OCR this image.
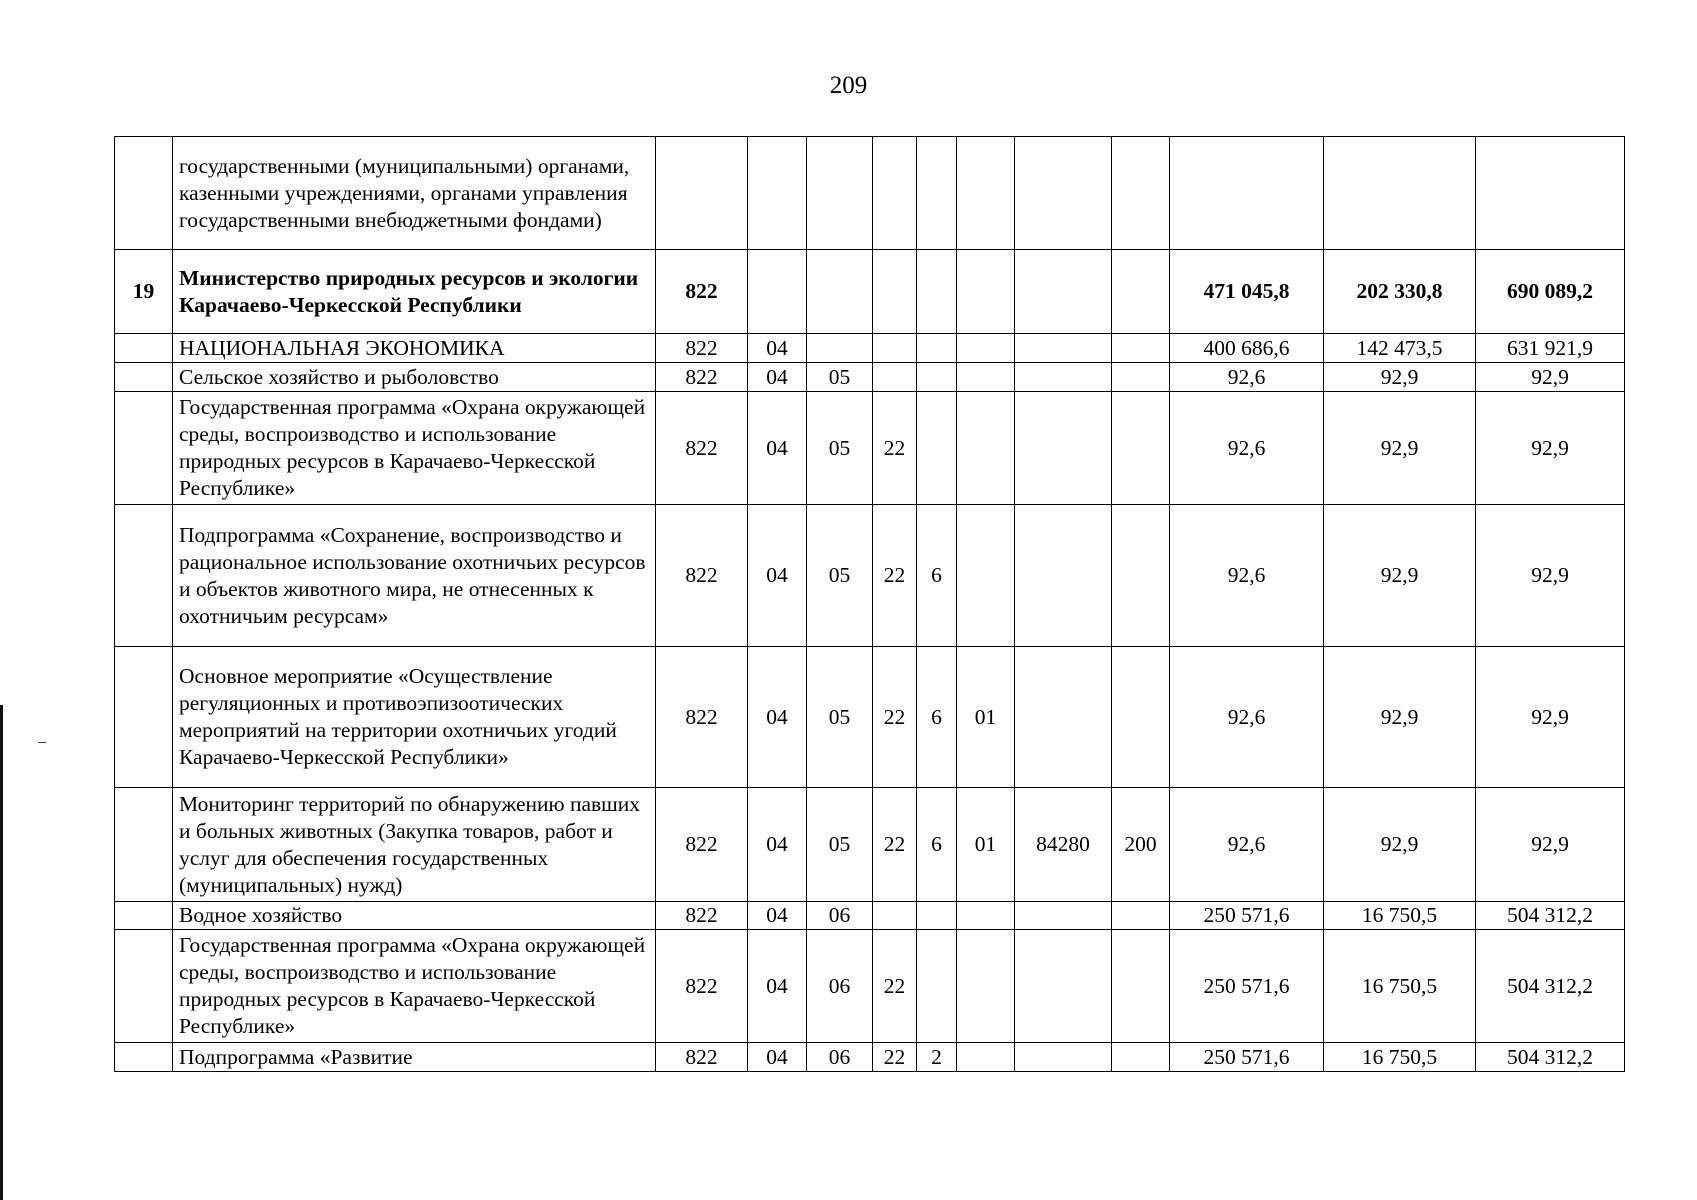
209
	государственными (муниципальными) органами, казенными учреждениями, органами управления государственными внебюджетными фондами)											
19	Министерство природных ресурсов и экологии Карачаево-Черкесской Республики	822								471 045,8	202 330,8	690 089,2
	НАЦИОНАЛЬНАЯ ЭКОНОМИКА	822	04							400 686,6	142 473,5	631 921,9
	Сельское хозяйство и рыболовство	822	04	05						92,6	92,9	92,9
	Государственная программа «Охрана окружающей среды, воспроизводство и использование природных ресурсов в Карачаево-Черкесской Республике»	822	04	05	22					92,6	92,9	92,9
	Подпрограмма «Сохранение, воспроизводство и рациональное использование охотничьих ресурсов и объектов животного мира, не отнесенных к охотничьим ресурсам»	822	04	05	22	6				92,6	92,9	92,9
	Основное мероприятие «Осуществление регуляционных и противоэпизоотических мероприятий на территории охотничьих угодий Карачаево-Черкесской Республики»	822	04	05	22	6	01			92,6	92,9	92,9
	Мониторинг территорий по обнаружению павших и больных животных (Закупка товаров, работ и услуг для обеспечения государственных (муниципальных) нужд)	822	04	05	22	6	01	84280	200	92,6	92,9	92,9
	Водное хозяйство	822	04	06						250 571,6	16 750,5	504 312,2
	Государственная программа «Охрана окружающей среды, воспроизводство и использование природных ресурсов в Карачаево-Черкесской Республике»	822	04	06	22					250 571,6	16 750,5	504 312,2
	Подпрограмма «Развитие	822	04	06	22	2				250 571,6	16 750,5	504 312,2
